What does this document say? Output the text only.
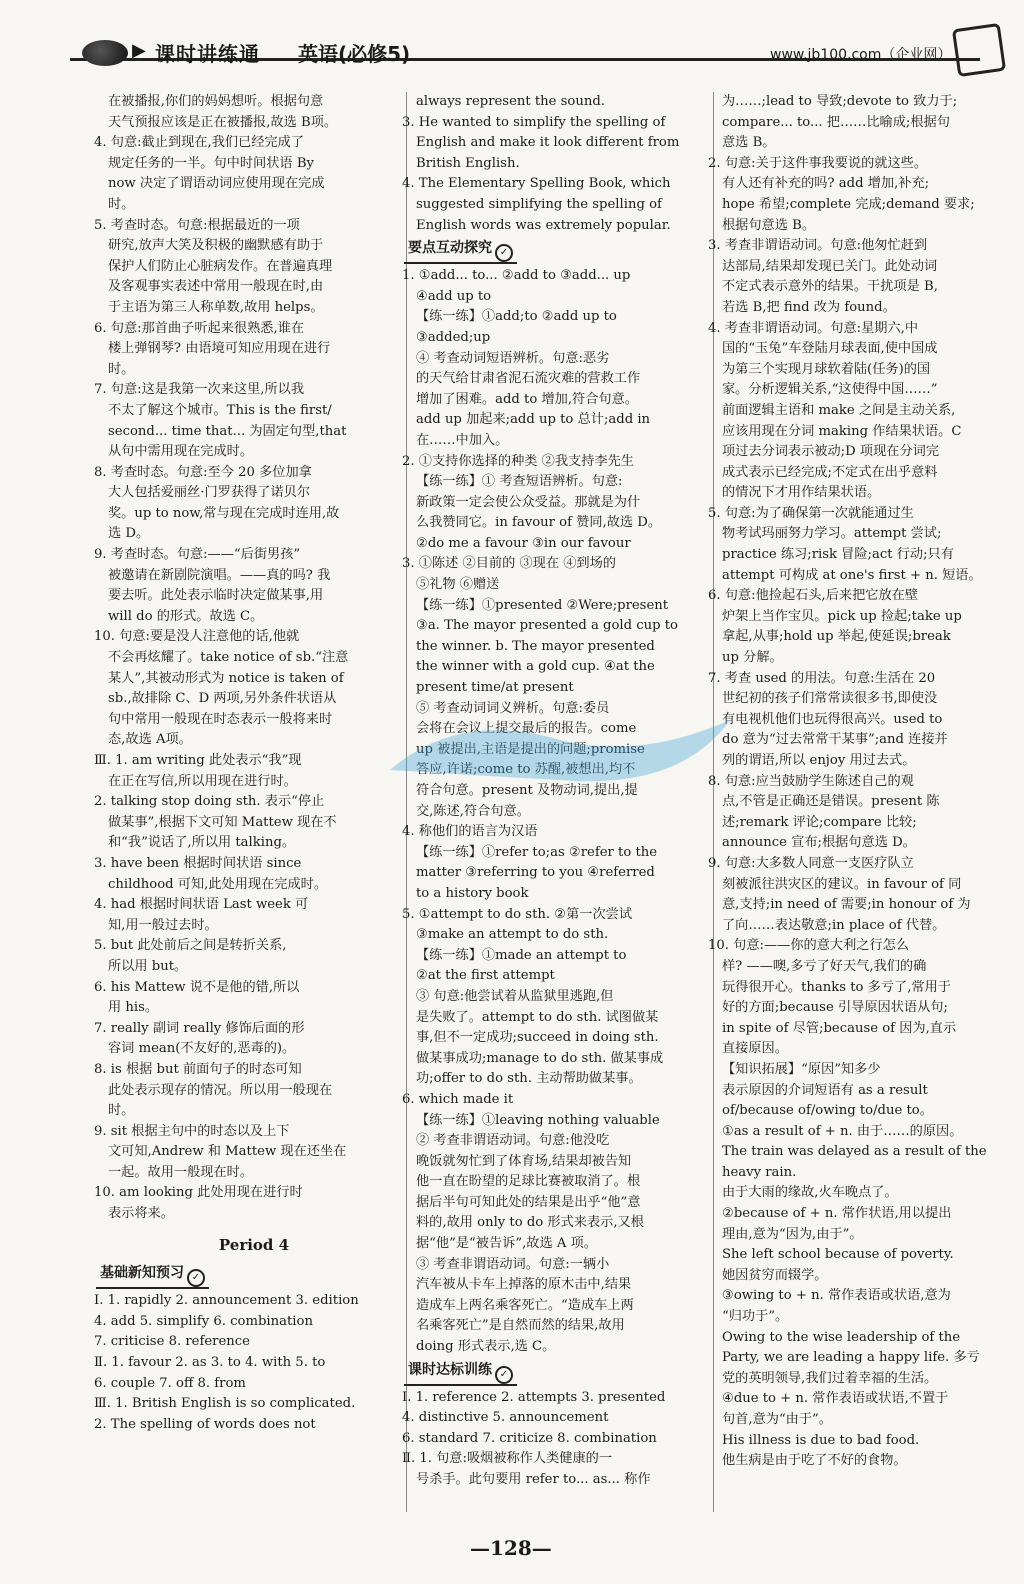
▶ 课时讲练通 英语(必修5)	www.jb100.com（企业网）
在被播报,你们的妈妈想听。根据句意
天气预报应该是正在被播报,故选 B项。
4. 句意:截止到现在,我们已经完成了
规定任务的一半。句中时间状语 By
now 决定了谓语动词应使用现在完成
时。
5. 考查时态。句意:根据最近的一项
研究,放声大笑及积极的幽默感有助于
保护人们防止心脏病发作。在普遍真理
及客观事实表述中常用一般现在时,由
于主语为第三人称单数,故用 helps。
6. 句意:那首曲子听起来很熟悉,谁在
楼上弹钢琴? 由语境可知应用现在进行
时。
7. 句意:这是我第一次来这里,所以我
不太了解这个城市。This is the first/
second... time that... 为固定句型,that
从句中需用现在完成时。
8. 考查时态。句意:至今 20 多位加拿
大人包括爱丽丝·门罗获得了诺贝尔
奖。up to now,常与现在完成时连用,故
选 D。
9. 考查时态。句意:——“后街男孩”
被邀请在新剧院演唱。——真的吗? 我
要去听。此处表示临时决定做某事,用
will do 的形式。故选 C。
10. 句意:要是没人注意他的话,他就
不会再炫耀了。take notice of sb.“注意
某人”,其被动形式为 notice is taken of
sb.,故排除 C、D 两项,另外条件状语从
句中常用一般现在时态表示一般将来时
态,故选 A项。
Ⅲ. 1. am writing 此处表示“我”现
在正在写信,所以用现在进行时。
2. talking stop doing sth. 表示“停止
做某事”,根据下文可知 Mattew 现在不
和“我”说话了,所以用 talking。
3. have been 根据时间状语 since
childhood 可知,此处用现在完成时。
4. had 根据时间状语 Last week 可
知,用一般过去时。
5. but 此处前后之间是转折关系,
所以用 but。
6. his Mattew 说不是他的错,所以
用 his。
7. really 副词 really 修饰后面的形
容词 mean(不友好的,恶毒的)。
8. is 根据 but 前面句子的时态可知
此处表示现存的情况。所以用一般现在
时。
9. sit 根据主句中的时态以及上下
文可知,Andrew 和 Mattew 现在还坐在
一起。故用一般现在时。
10. am looking 此处用现在进行时
表示将来。
Period 4
基础新知预习 ✓
Ⅰ. 1. rapidly 2. announcement 3. edition
4. add 5. simplify 6. combination
7. criticise 8. reference
Ⅱ. 1. favour 2. as 3. to 4. with 5. to
6. couple 7. off 8. from
Ⅲ. 1. British English is so complicated.
2. The spelling of words does not
always represent the sound.
3. He wanted to simplify the spelling of
English and make it look different from
British English.
4. The Elementary Spelling Book, which
suggested simplifying the spelling of
English words was extremely popular.
要点互动探究 ✓
1. ①add... to... ②add to ③add... up
④add up to
【练一练】①add;to ②add up to
③added;up
④ 考查动词短语辨析。句意:恶劣
的天气给甘肃省泥石流灾难的营救工作
增加了困难。add to 增加,符合句意。
add up 加起来;add up to 总计;add in
在……中加入。
2. ①支持你选择的种类 ②我支持李先生
【练一练】① 考查短语辨析。句意:
新政策一定会使公众受益。那就是为什
么我赞同它。in favour of 赞同,故选 D。
②do me a favour ③in our favour
3. ①陈述 ②目前的 ③现在 ④到场的
⑤礼物 ⑥赠送
【练一练】①presented ②Were;present
③a. The mayor presented a gold cup to
the winner. b. The mayor presented
the winner with a gold cup. ④at the
present time/at present
⑤ 考查动词词义辨析。句意:委员
会将在会议上提交最后的报告。come
up 被提出,主语是提出的问题;promise
答应,许诺;come to 苏醒,被想出,均不
符合句意。present 及物动词,提出,提
交,陈述,符合句意。
4. 称他们的语言为汉语
【练一练】①refer to;as ②refer to the
matter ③referring to you ④referred
to a history book
5. ①attempt to do sth. ②第一次尝试
③make an attempt to do sth.
【练一练】①made an attempt to
②at the first attempt
③ 句意:他尝试着从监狱里逃跑,但
是失败了。attempt to do sth. 试图做某
事,但不一定成功;succeed in doing sth.
做某事成功;manage to do sth. 做某事成
功;offer to do sth. 主动帮助做某事。
6. which made it
【练一练】①leaving nothing valuable
② 考查非谓语动词。句意:他没吃
晚饭就匆忙到了体育场,结果却被告知
他一直在盼望的足球比赛被取消了。根
据后半句可知此处的结果是出乎“他”意
料的,故用 only to do 形式来表示,又根
据“他”是“被告诉”,故选 A 项。
③ 考查非谓语动词。句意:一辆小
汽车被从卡车上掉落的原木击中,结果
造成车上两名乘客死亡。“造成车上两
名乘客死亡”是自然而然的结果,故用
doing 形式表示,选 C。
课时达标训练 ✓
Ⅰ. 1. reference 2. attempts 3. presented
4. distinctive 5. announcement
6. standard 7. criticize 8. combination
Ⅱ. 1. 句意:吸烟被称作人类健康的一
号杀手。此句要用 refer to... as... 称作
为……;lead to 导致;devote to 致力于;
compare... to... 把……比喻成;根据句
意选 B。
2. 句意:关于这件事我要说的就这些。
有人还有补充的吗? add 增加,补充;
hope 希望;complete 完成;demand 要求;
根据句意选 B。
3. 考查非谓语动词。句意:他匆忙赶到
达部局,结果却发现已关门。此处动词
不定式表示意外的结果。干扰项是 B,
若选 B,把 find 改为 found。
4. 考查非谓语动词。句意:星期六,中
国的“玉兔”车登陆月球表面,使中国成
为第三个实现月球软着陆(任务)的国
家。分析逻辑关系,“这使得中国……”
前面逻辑主语和 make 之间是主动关系,
应该用现在分词 making 作结果状语。C
项过去分词表示被动;D 项现在分词完
成式表示已经完成;不定式在出乎意料
的情况下才用作结果状语。
5. 句意:为了确保第一次就能通过生
物考试玛丽努力学习。attempt 尝试;
practice 练习;risk 冒险;act 行动;只有
attempt 可构成 at one's first + n. 短语。
6. 句意:他捡起石头,后来把它放在壁
炉架上当作宝贝。pick up 捡起;take up
拿起,从事;hold up 举起,使延误;break
up 分解。
7. 考查 used 的用法。句意:生活在 20
世纪初的孩子们常常读很多书,即使没
有电视机他们也玩得很高兴。used to
do 意为“过去常常干某事”;and 连接并
列的谓语,所以 enjoy 用过去式。
8. 句意:应当鼓励学生陈述自己的观
点,不管是正确还是错误。present 陈
述;remark 评论;compare 比较;
announce 宣布;根据句意选 D。
9. 句意:大多数人同意一支医疗队立
刻被派往洪灾区的建议。in favour of 同
意,支持;in need of 需要;in honour of 为
了向……表达敬意;in place of 代替。
10. 句意:——你的意大利之行怎么
样? ——噢,多亏了好天气,我们的确
玩得很开心。thanks to 多亏了,常用于
好的方面;because 引导原因状语从句;
in spite of 尽管;because of 因为,直示
直接原因。
【知识拓展】“原因”知多少
表示原因的介词短语有 as a result
of/because of/owing to/due to。
①as a result of + n. 由于……的原因。
The train was delayed as a result of the
heavy rain.
由于大雨的缘故,火车晚点了。
②because of + n. 常作状语,用以提出
理由,意为“因为,由于”。
She left school because of poverty.
她因贫穷而辍学。
③owing to + n. 常作表语或状语,意为
“归功于”。
Owing to the wise leadership of the
Party, we are leading a happy life. 多亏
党的英明领导,我们过着幸福的生活。
④due to + n. 常作表语或状语,不置于
句首,意为“由于”。
His illness is due to bad food.
他生病是由于吃了不好的食物。
—128—
